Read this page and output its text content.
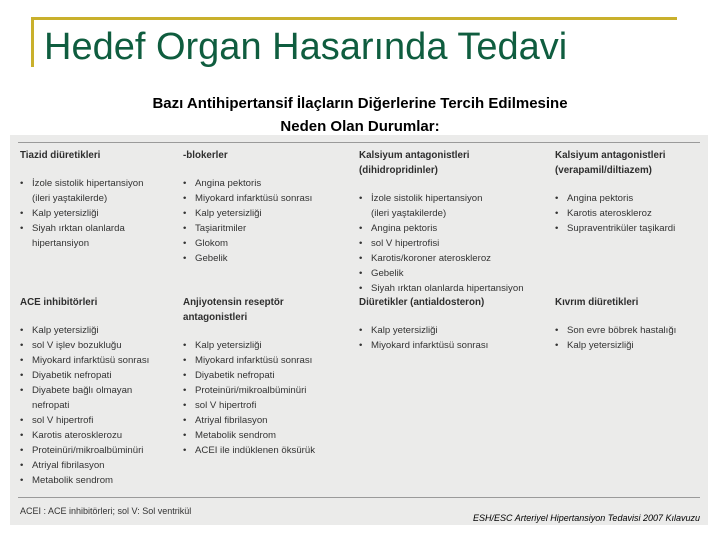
Hedef Organ Hasarında Tedavi
Bazı Antihipertansif İlaçların Diğerlerine Tercih Edilmesine
Neden Olan Durumlar:
Tiazid diüretikleri
• İzole sistolik hipertansiyon
(ileri yaştakilerde)
• Kalp yetersizliği
• Siyah ırktan olanlarda
hipertansiyon
-blokerler
• Angina pektoris
• Miyokard infarktüsü sonrası
• Kalp yetersizliği
• Taşiaritmiler
• Glokom
• Gebelik
Kalsiyum antagonistleri
(dihidropridinler)
• İzole sistolik hipertansiyon
(ileri yaştakilerde)
• Angina pektoris
• sol V hipertrofisi
• Karotis/koroner ateroskleroz
• Gebelik
• Siyah ırktan olanlarda hipertansiyon
Kalsiyum antagonistleri
(verapamil/diltiazem)
• Angina pektoris
• Karotis ateroskleroz
• Supraventriküler taşikardi
ACE inhibitörleri
• Kalp yetersizliği
• sol V işlev bozukluğu
• Miyokard infarktüsü sonrası
• Diyabetik nefropati
• Diyabete bağlı olmayan
nefropati
• sol V hipertrofi
• Karotis aterosklerozu
• Proteinüri/mikroalbüminüri
• Atriyal fibrilasyon
• Metabolik sendrom
Anjiyotensin reseptör
antagonistleri
• Kalp yetersizliği
• Miyokard infarktüsü sonrası
• Diyabetik nefropati
• Proteinüri/mikroalbüminüri
• sol V hipertrofi
• Atriyal fibrilasyon
• Metabolik sendrom
• ACEI ile indüklenen öksürük
Diüretikler (antialdosteron)
• Kalp yetersizliği
• Miyokard infarktüsü sonrası
Kıvrım diüretikleri
• Son evre böbrek hastalığı
• Kalp yetersizliği
ACEI : ACE inhibitörleri; sol V: Sol ventrikül
ESH/ESC Arteriyel Hipertansiyon Tedavisi 2007 Kılavuzu
